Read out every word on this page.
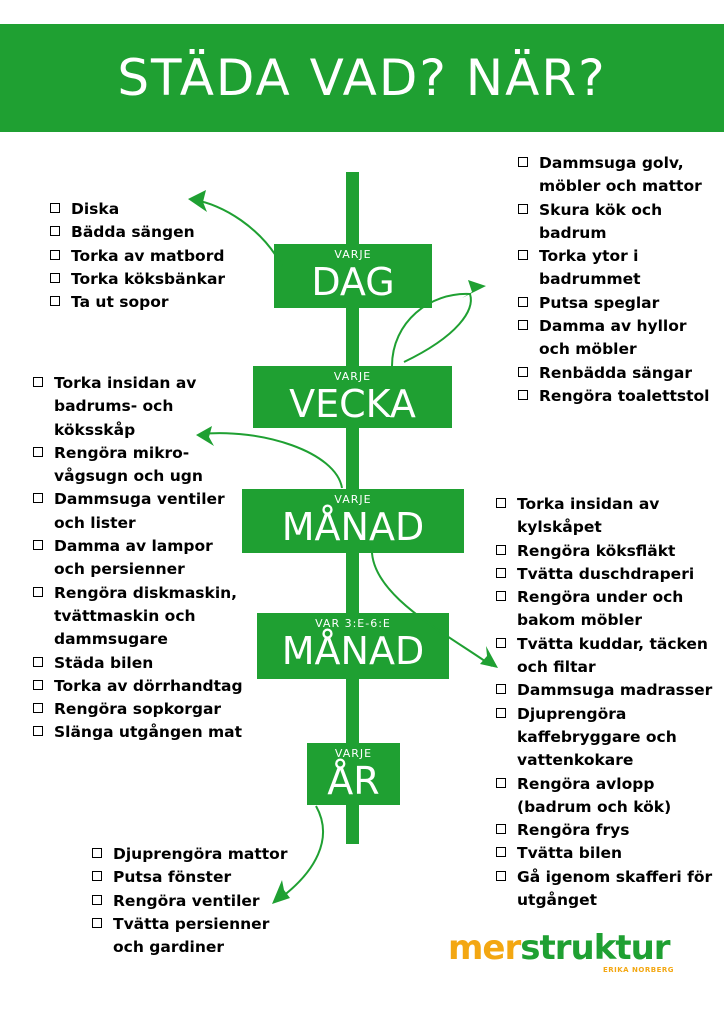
STÄDA VAD? NÄR?
VARJE
DAG
VARJE
VECKA
VARJE
MÅNAD
VAR 3:E-6:E
MÅNAD
VARJE
ÅR
Diska
Bädda sängen
Torka av matbord
Torka köksbänkar
Ta ut sopor
Dammsuga golv, möbler och mattor
Skura kök och badrum
Torka ytor i badrummet
Putsa speglar
Damma av hyllor och möbler
Renbädda sängar
Rengöra toalettstol
Torka insidan av badrums- och köksskåp
Rengöra mikro-vågsugn och ugn
Dammsuga ventiler och lister
Damma av lampor och persienner
Rengöra diskmaskin, tvättmaskin och dammsugare
Städa bilen
Torka av dörrhandtag
Rengöra sopkorgar
Slänga utgången mat
Torka insidan av kylskåpet
Rengöra köksfläkt
Tvätta duschdraperi
Rengöra under och bakom möbler
Tvätta kuddar, täcken och filtar
Dammsuga madrasser
Djuprengöra kaffebryggare och vattenkokare
Rengöra avlopp (badrum och kök)
Rengöra frys
Tvätta bilen
Gå igenom skafferi för utgånget
Djuprengöra mattor
Putsa fönster
Rengöra ventiler
Tvätta persienner och gardiner	merstruktur
ERIKA NORBERG
